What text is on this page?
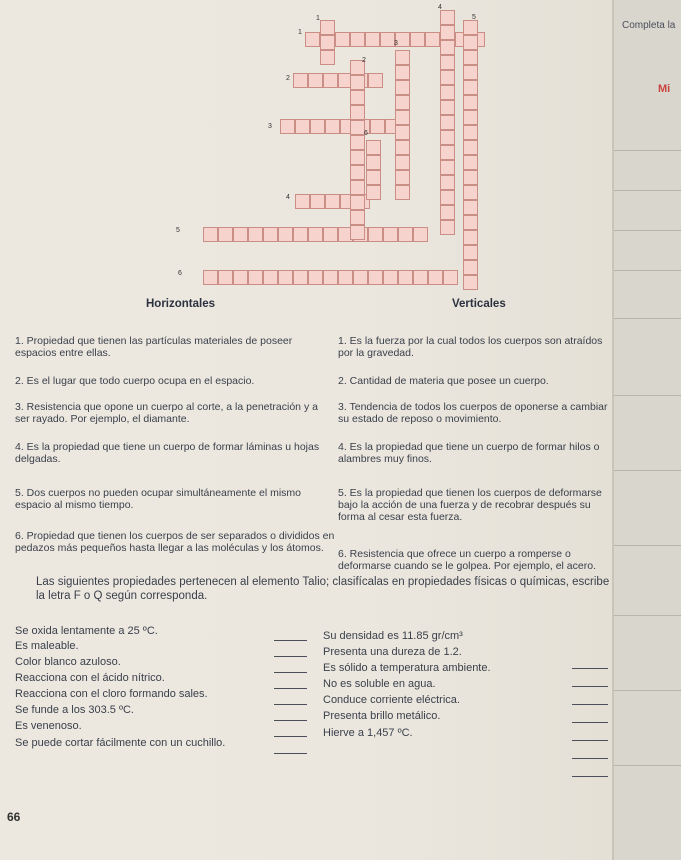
1
4
5
1
3
2
2
3
6
4
5
6
Horizontales	Verticales
1. Propiedad que tienen las partículas materiales de poseer espacios entre ellas.
2. Es el lugar que todo cuerpo ocupa en el espacio.
3. Resistencia que opone un cuerpo al corte, a la penetración y a ser rayado. Por ejemplo, el diamante.
4. Es la propiedad que tiene un cuerpo de formar láminas u hojas delgadas.
5. Dos cuerpos no pueden ocupar simultáneamente el mismo espacio al mismo tiempo.
6. Propiedad que tienen los cuerpos de ser separados o divididos en pedazos más pequeños hasta llegar a las moléculas y los átomos.
1. Es la fuerza por la cual todos los cuerpos son atraídos por la gravedad.
2. Cantidad de materia que posee un cuerpo.
3. Tendencia de todos los cuerpos de oponerse a cambiar su estado de reposo o movimiento.
4. Es la propiedad que tiene un cuerpo de formar hilos o alambres muy finos.
5. Es la propiedad que tienen los cuerpos de deformarse bajo la acción de una fuerza y de recobrar después su forma al cesar esta fuerza.
6. Resistencia que ofrece un cuerpo a romperse o deformarse cuando se le golpea. Por ejemplo, el acero.
Las siguientes propiedades pertenecen al elemento Talio; clasifícalas en propiedades físicas o químicas, escribe la letra F o Q según corresponda.
Se oxida lentamente a 25 ºC.
Es maleable.
Color blanco azuloso.
Reacciona con el ácido nítrico.
Reacciona con el cloro formando sales.
Se funde a los 303.5 ºC.
Es venenoso.
Se puede cortar fácilmente con un cuchillo.
Su densidad es 11.85 gr/cm³
Presenta una dureza de 1.2.
Es sólido a temperatura ambiente.
No es soluble en agua.
Conduce corriente eléctrica.
Presenta brillo metálico.
Hierve a 1,457 ºC.
66
Completa la
Mi
